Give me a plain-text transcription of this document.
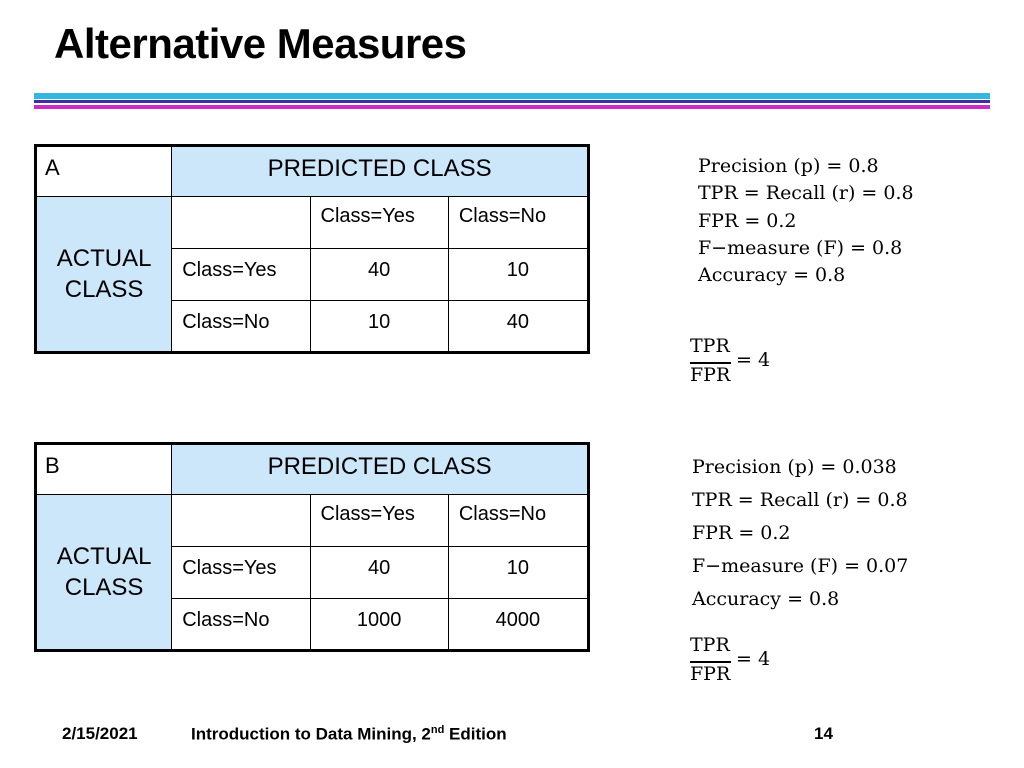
Alternative Measures
A	PREDICTED CLASS		

ACTUAL
CLASS		Class=Yes	Class=No
	Class=Yes	40	10
	Class=No	10	40
Precision (p) = 0.8
TPR = Recall (r) = 0.8
FPR = 0.2
F−measure (F) = 0.8
Accuracy = 0.8
TPR
FPR
= 4
B	PREDICTED CLASS		

ACTUAL
CLASS		Class=Yes	Class=No
	Class=Yes	40	10
	Class=No	1000	4000
Precision (p) = 0.038
TPR = Recall (r) = 0.8
FPR = 0.2
F−measure (F) = 0.07
Accuracy = 0.8
TPR
FPR
= 4
2/15/2021	Introduction to Data Mining, 2nd Edition	14
